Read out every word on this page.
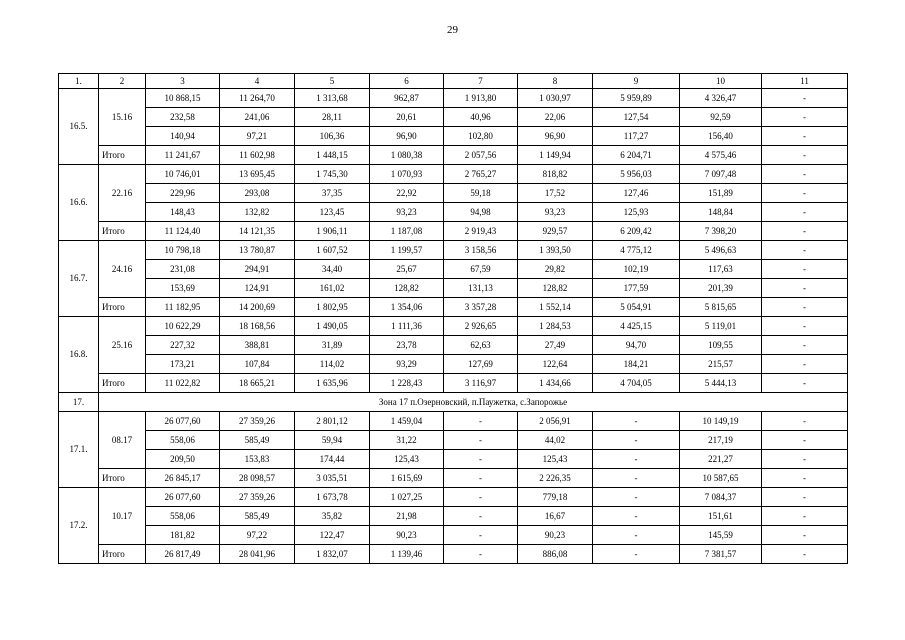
29
1.	2	3	4	5	6	7	8	9	10	11
16.5.	15.16	10 868,15	11 264,70	1 313,68	962,87	1 913,80	1 030,97	5 959,89	4 326,47	-
		232,58	241,06	28,11	20,61	40,96	22,06	127,54	92,59	-
		140,94	97,21	106,36	96,90	102,80	96,90	117,27	156,40	-
	Итого	11 241,67	11 602,98	1 448,15	1 080,38	2 057,56	1 149,94	6 204,71	4 575,46	-
16.6.	22.16	10 746,01	13 695,45	1 745,30	1 070,93	2 765,27	818,82	5 956,03	7 097,48	-
		229,96	293,08	37,35	22,92	59,18	17,52	127,46	151,89	-
		148,43	132,82	123,45	93,23	94,98	93,23	125,93	148,84	-
	Итого	11 124,40	14 121,35	1 906,11	1 187,08	2 919,43	929,57	6 209,42	7 398,20	-
16.7.	24.16	10 798,18	13 780,87	1 607,52	1 199,57	3 158,56	1 393,50	4 775,12	5 496,63	-
		231,08	294,91	34,40	25,67	67,59	29,82	102,19	117,63	-
		153,69	124,91	161,02	128,82	131,13	128,82	177,59	201,39	-
	Итого	11 182,95	14 200,69	1 802,95	1 354,06	3 357,28	1 552,14	5 054,91	5 815,65	-
16.8.	25.16	10 622,29	18 168,56	1 490,05	1 111,36	2 926,65	1 284,53	4 425,15	5 119,01	-
		227,32	388,81	31,89	23,78	62,63	27,49	94,70	109,55	-
		173,21	107,84	114,02	93,29	127,69	122,64	184,21	215,57	-
	Итого	11 022,82	18 665,21	1 635,96	1 228,43	3 116,97	1 434,66	4 704,05	5 444,13	-
17.	Зона 17 п.Озерновский, п.Паужетка, с.Запорожье									
17.1.	08.17	26 077,60	27 359,26	2 801,12	1 459,04	-	2 056,91	-	10 149,19	-
		558,06	585,49	59,94	31,22	-	44,02	-	217,19	-
		209,50	153,83	174,44	125,43	-	125,43	-	221,27	-
	Итого	26 845,17	28 098,57	3 035,51	1 615,69	-	2 226,35	-	10 587,65	-
17.2.	10.17	26 077,60	27 359,26	1 673,78	1 027,25	-	779,18	-	7 084,37	-
		558,06	585,49	35,82	21,98	-	16,67	-	151,61	-
		181,82	97,22	122,47	90,23	-	90,23	-	145,59	-
	Итого	26 817,49	28 041,96	1 832,07	1 139,46	-	886,08	-	7 381,57	-
